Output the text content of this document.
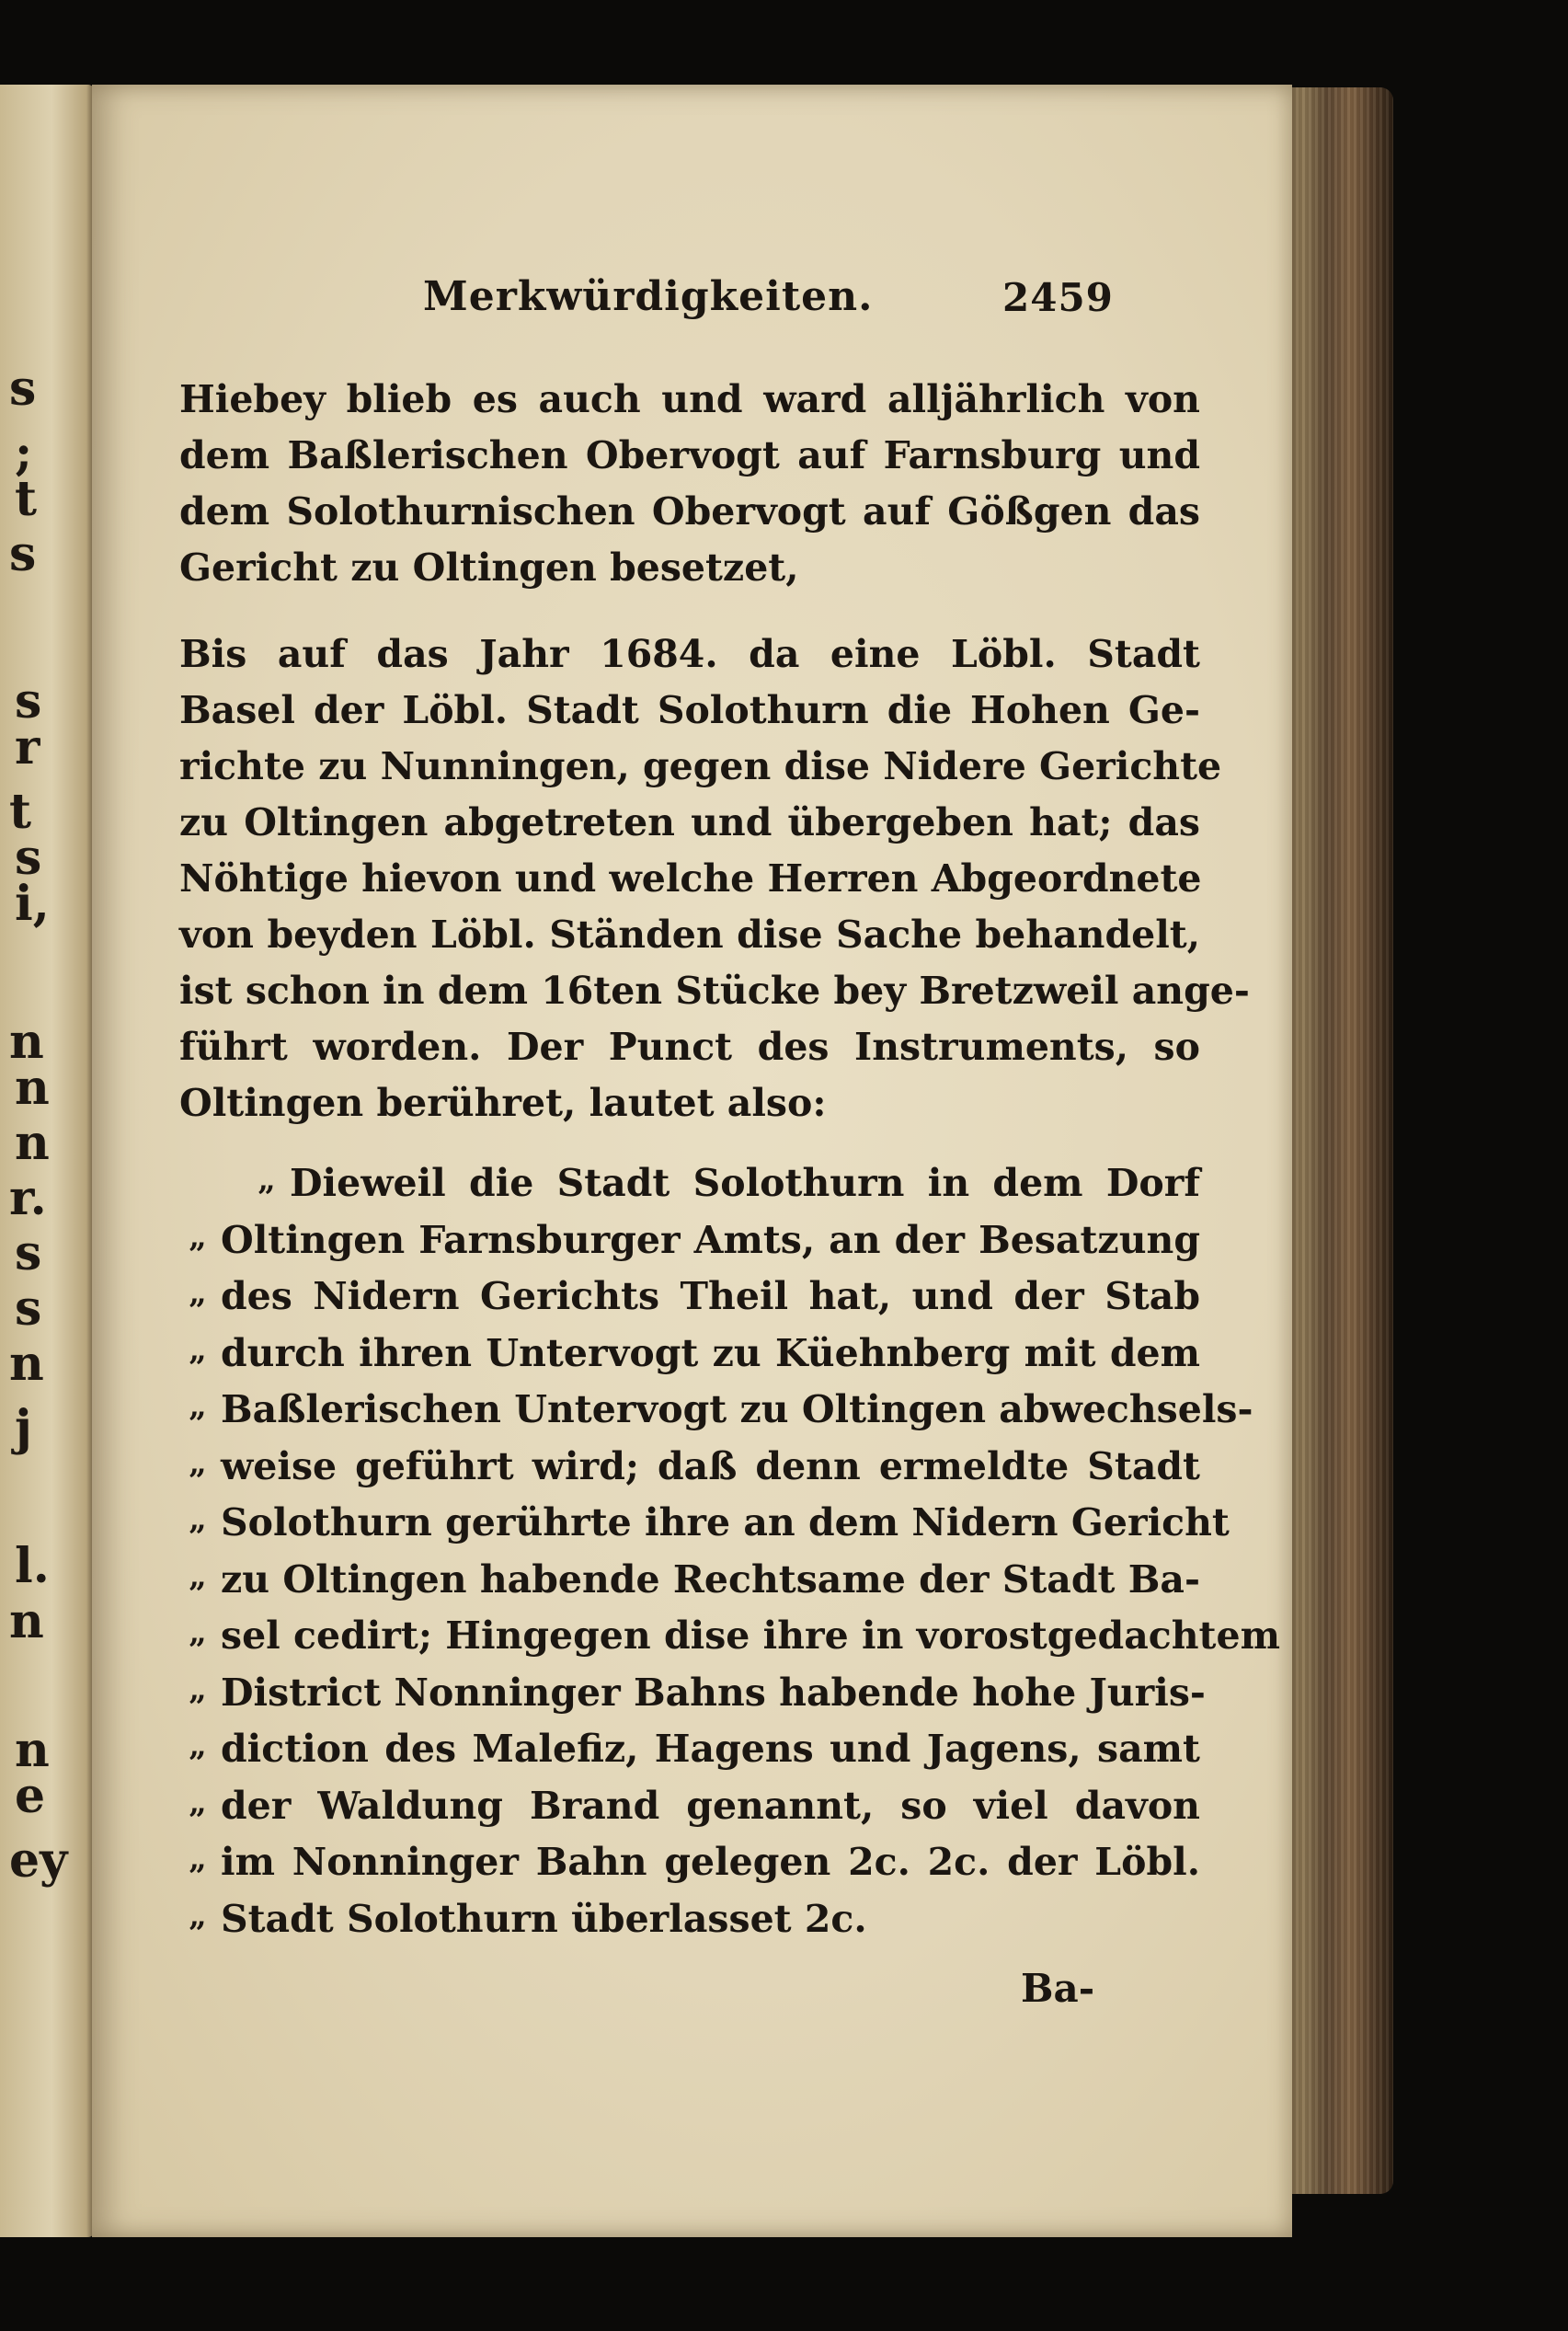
s
;
t
s
s
r
t
s
i,
n
n
n
r.
s
s
n
j
l.
n
n
e
ey
Merkwürdigkeiten.	2459
Hiebey blieb es auch und ward alljährlich von
dem Baßlerischen Obervogt auf Farnsburg und
dem Solothurnischen Obervogt auf Gößgen das
Gericht zu Oltingen besetzet,
Bis auf das Jahr 1684. da eine Löbl. Stadt
Basel der Löbl. Stadt Solothurn die Hohen Ge-
richte zu Nunningen, gegen dise Nidere Gerichte
zu Oltingen abgetreten und übergeben hat; das
Nöhtige hievon und welche Herren Abgeordnete
von beyden Löbl. Ständen dise Sache behandelt,
ist schon in dem 16ten Stücke bey Bretzweil ange-
führt worden. Der Punct des Instruments, so
Oltingen berühret, lautet also:
„ Dieweil die Stadt Solothurn in dem Dorf
„ Oltingen Farnsburger Amts, an der Besatzung
„ des Nidern Gerichts Theil hat, und der Stab
„ durch ihren Untervogt zu Küehnberg mit dem
„ Baßlerischen Untervogt zu Oltingen abwechsels-
„ weise geführt wird; daß denn ermeldte Stadt
„ Solothurn gerührte ihre an dem Nidern Gericht
„ zu Oltingen habende Rechtsame der Stadt Ba-
„ sel cedirt; Hingegen dise ihre in vorostgedachtem
„ District Nonninger Bahns habende hohe Juris-
„ diction des Malefiz, Hagens und Jagens, samt
„ der Waldung Brand genannt, so viel davon
„ im Nonninger Bahn gelegen 2c. 2c. der Löbl.
„ Stadt Solothurn überlasset 2c.
Ba-
